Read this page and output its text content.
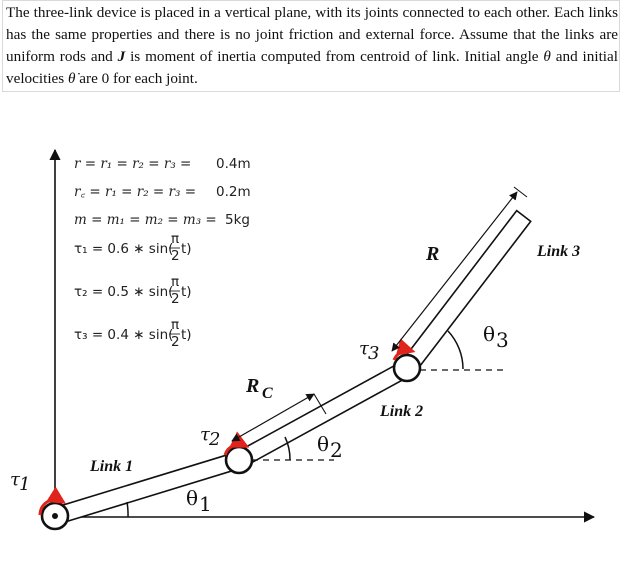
The three-link device is placed in a vertical plane, with its joints connected to each other. Each links has the same properties and there is no joint friction and external force. Assume that the links are uniform rods and J is moment of inertia computed from centroid of link. Initial angle θ and initial velocities θ̇ are 0 for each joint.

r = r₁ = r₂ = r₃ = 0.4m
r꜀ = r₁ = r₂ = r₃ = 0.2m
m = m₁ = m₂ = m₃ = 5kg
τ₁ = 0.6 ∗ sin(
π
2 t)
τ₂ = 0.5 ∗ sin(
π
2 t)
τ₃ = 0.4 ∗ sin(
π
2 t)
Link 1
Link 2
Link 3
R
R C
θ 1
θ 2
θ 3
τ 1
τ 2
τ 3
